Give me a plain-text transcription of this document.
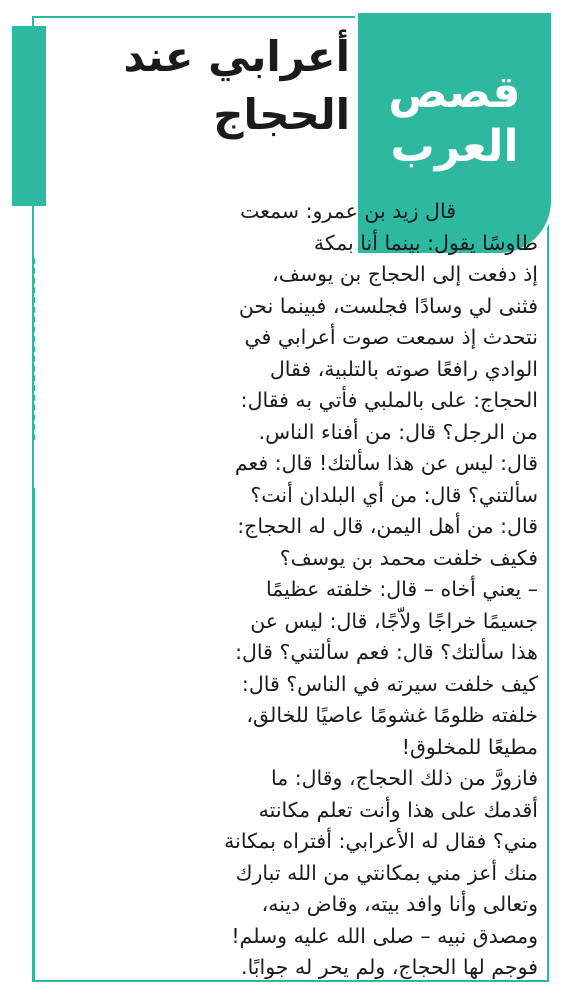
قصص
العرب
أعرابي عند
الحجاج
قال زيد بن عمرو: سمعت
طاوسًا يقول: بينما أنا بمكة
إذ دفعت إلى الحجاج بن يوسف،
فثنى لي وسادًا فجلست، فبينما نحن
نتحدث إذ سمعت صوت أعرابي في
الوادي رافعًا صوته بالتلبية، فقال
الحجاج: على بالملبي فأتي به فقال:
من الرجل؟ قال: من أفناء الناس.
قال: ليس عن هذا سألتك! قال: فعم
سألتني؟ قال: من أي البلدان أنت؟
قال: من أهل اليمن، قال له الحجاج:
فكيف خلفت محمد بن يوسف؟
– يعني أخاه – قال: خلفته عظيمًا
جسيمًا خراجًا ولاّجًا، قال: ليس عن
هذا سألتك؟ قال: فعم سألتني؟ قال:
كيف خلفت سيرته في الناس؟ قال:
خلفته ظلومًا غشومًا عاصيًا للخالق،
مطيعًا للمخلوق!
فازورَّ من ذلك الحجاج، وقال: ما
أقدمك على هذا وأنت تعلم مكانته
مني؟ فقال له الأعرابي: أفتراه بمكانة
منك أعز مني بمكانتي من الله تبارك
وتعالى وأنا وافد بيته، وقاض دينه،
ومصدق نبيه – صلى الله عليه وسلم!
فوجم لها الحجاج، ولم يحر له جوابًا.
